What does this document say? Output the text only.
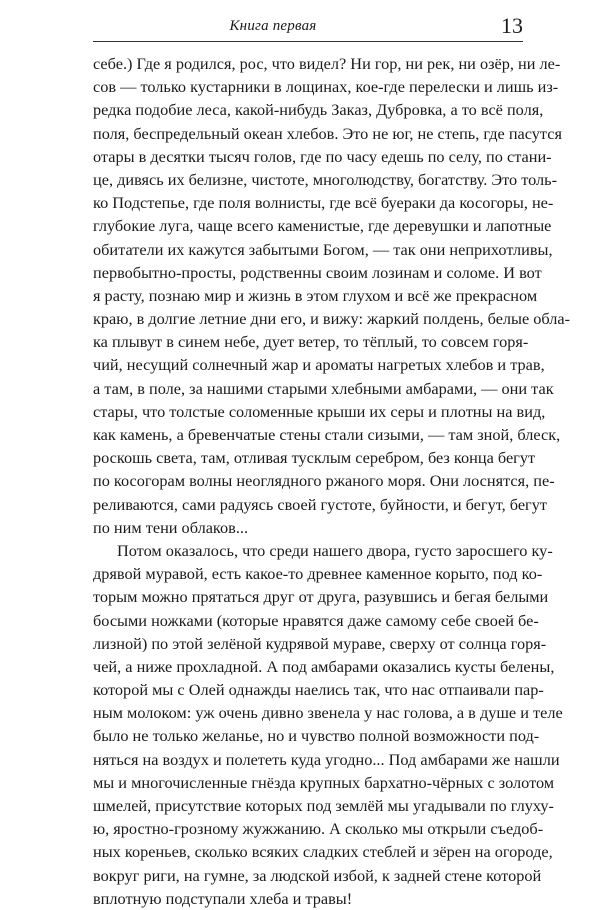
Книга первая	13
себе.) Где я родился, рос, что видел? Ни гор, ни рек, ни озёр, ни ле-
сов — только кустарники в лощинах, кое-где перелески и лишь из-
редка подобие леса, какой-нибудь Заказ, Дубровка, а то всё поля,
поля, беспредельный океан хлебов. Это не юг, не степь, где пасутся
отары в десятки тысяч голов, где по часу едешь по селу, по стани-
це, дивясь их белизне, чистоте, многолюдству, богатству. Это толь-
ко Подстепье, где поля волнисты, где всё буераки да косогоры, не-
глубокие луга, чаще всего каменистые, где деревушки и лапотные
обитатели их кажутся забытыми Богом, — так они неприхотливы,
первобытно-просты, родственны своим лозинам и соломе. И вот
я расту, познаю мир и жизнь в этом глухом и всё же прекрасном
краю, в долгие летние дни его, и вижу: жаркий полдень, белые обла-
ка плывут в синем небе, дует ветер, то тёплый, то совсем горя-
чий, несущий солнечный жар и ароматы нагретых хлебов и трав,
а там, в поле, за нашими старыми хлебными амбарами, — они так
стары, что толстые соломенные крыши их серы и плотны на вид,
как камень, а бревенчатые стены стали сизыми, — там зной, блеск,
роскошь света, там, отливая тусклым серебром, без конца бегут
по косогорам волны неоглядного ржаного моря. Они лоснятся, пе-
реливаются, сами радуясь своей густоте, буйности, и бегут, бегут
по ним тени облаков...
Потом оказалось, что среди нашего двора, густо заросшего ку-
дрявой муравой, есть какое-то древнее каменное корыто, под ко-
торым можно прятаться друг от друга, разувшись и бегая белыми
босыми ножками (которые нравятся даже самому себе своей бе-
лизной) по этой зелёной кудрявой мураве, сверху от солнца горя-
чей, а ниже прохладной. А под амбарами оказались кусты белены,
которой мы с Олей однажды наелись так, что нас отпаивали пар-
ным молоком: уж очень дивно звенела у нас голова, а в душе и теле
было не только желанье, но и чувство полной возможности под-
няться на воздух и полететь куда угодно... Под амбарами же нашли
мы и многочисленные гнёзда крупных бархатно-чёрных с золотом
шмелей, присутствие которых под землёй мы угадывали по глуху-
ю, яростно-грозному жужжанию. А сколько мы открыли съедоб-
ных кореньев, сколько всяких сладких стеблей и зёрен на огороде,
вокруг риги, на гумне, за людской избой, к задней стене которой
вплотную подступали хлеба и травы!
